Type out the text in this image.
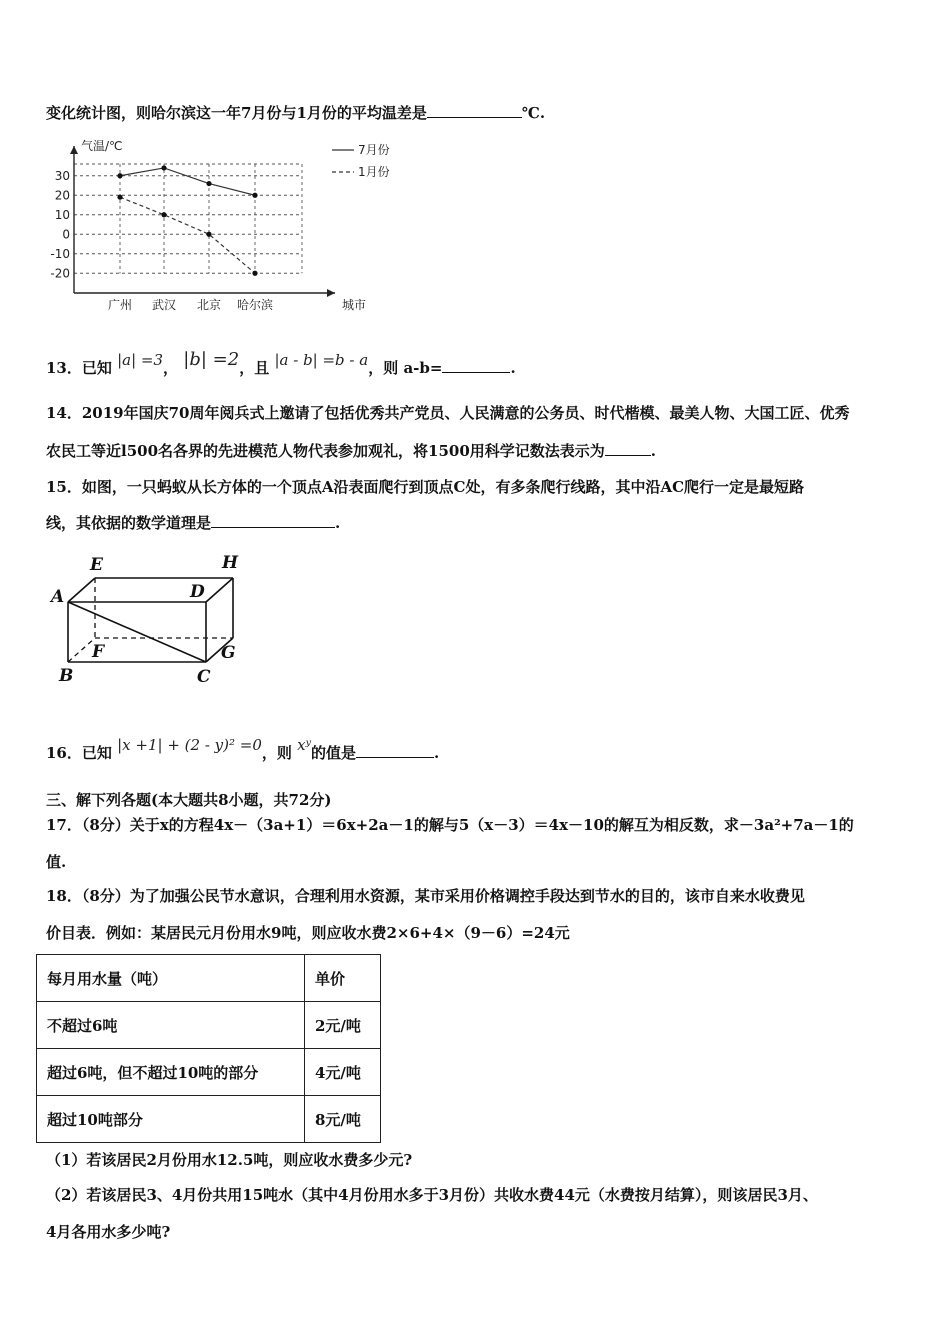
变化统计图，则哈尔滨这一年7月份与1月份的平均温差是	℃.
气温/℃
城市
30
20
10
0
-10
-20
广州 武汉 北京 哈尔滨
7月份
1月份
13．已知 |a| =3， |b| =2，且 |a - b| =b - a，则 a-b=	.
14．2019年国庆70周年阅兵式上邀请了包括优秀共产党员、人民满意的公务员、时代楷模、最美人物、大国工匠、优秀
农民工等近l500名各界的先进模范人物代表参加观礼，将1500用科学记数法表示为	.
15．如图，一只蚂蚁从长方体的一个顶点A沿表面爬行到顶点C处，有多条爬行线路，其中沿AC爬行一定是最短路
线，其依据的数学道理是	.
E	H
A	D
F	G
B	C
16．已知 |x +1| + (2 - y)² =0，则 xʸ的值是	.
三、解下列各题(本大题共8小题，共72分)
17．（8分）关于x的方程4x－（3a+1）＝6x+2a－1的解与5（x－3）＝4x－10的解互为相反数，求－3a²+7a－1的
值.
18．（8分）为了加强公民节水意识，合理利用水资源，某市采用价格调控手段达到节水的目的，该市自来水收费见
价目表．例如：某居民元月份用水9吨，则应收水费2×6+4×（9－6）=24元
每月用水量（吨）	单价
不超过6吨	2元/吨
超过6吨，但不超过10吨的部分	4元/吨
超过10吨部分	8元/吨
（1）若该居民2月份用水12.5吨，则应收水费多少元?
（2）若该居民3、4月份共用15吨水（其中4月份用水多于3月份）共收水费44元（水费按月结算），则该居民3月、
4月各用水多少吨?
